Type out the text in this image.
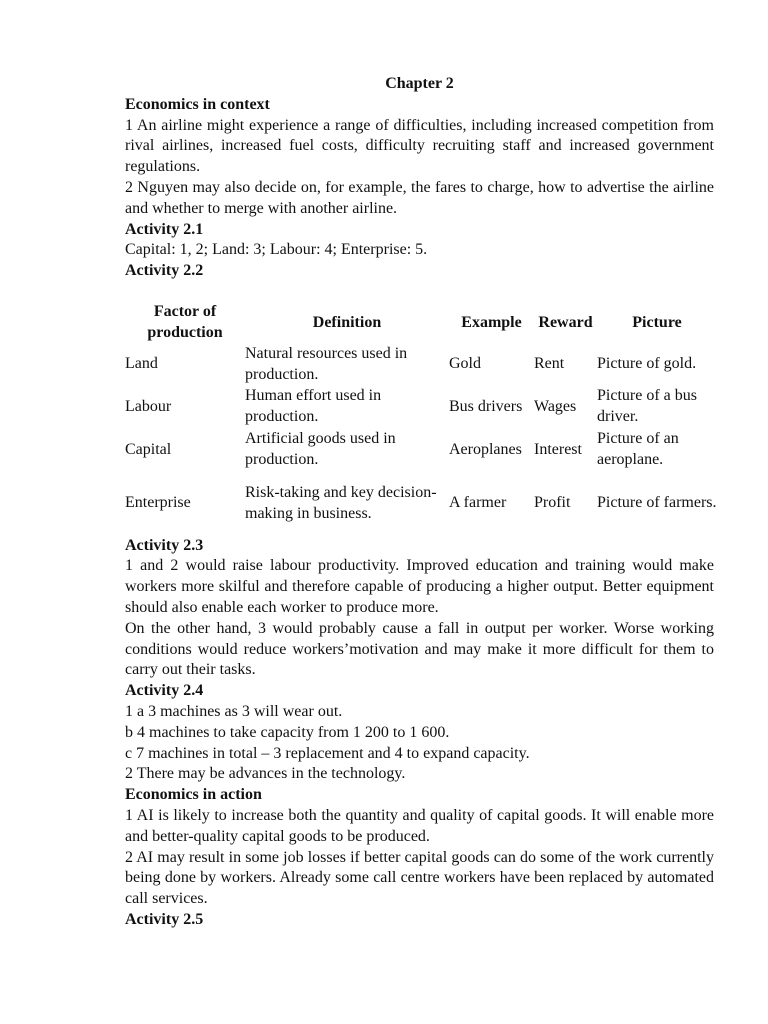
Chapter 2

Economics in context

1 An airline might experience a range of difficulties, including increased competition from rival airlines, increased fuel costs, difficulty recruiting staff and increased government regulations.

2 Nguyen may also decide on, for example, the fares to charge, how to advertise the airline and whether to merge with another airline.

Activity 2.1

Capital: 1, 2; Land: 3; Labour: 4; Enterprise: 5.

Activity 2.2

Factor of production	Definition	Example	Reward	Picture
Land	Natural resources used in production.	Gold	Rent	Picture of gold.
Labour	Human effort used in production.	Bus drivers	Wages	Picture of a bus driver.
Capital	Artificial goods used in production.	Aeroplanes	Interest	Picture of an aeroplane.
Enterprise	Risk-taking and key decision-making in business.	A farmer	Profit	Picture of farmers.

Activity 2.3

1 and 2 would raise labour productivity. Improved education and training would make workers more skilful and therefore capable of producing a higher output. Better equipment should also enable each worker to produce more.

On the other hand, 3 would probably cause a fall in output per worker. Worse working conditions would reduce workers’motivation and may make it more difficult for them to carry out their tasks.

Activity 2.4

1 a 3 machines as 3 will wear out.

b 4 machines to take capacity from 1 200 to 1 600.

c 7 machines in total – 3 replacement and 4 to expand capacity.

2 There may be advances in the technology.

Economics in action

1 AI is likely to increase both the quantity and quality of capital goods. It will enable more and better-quality capital goods to be produced.

2 AI may result in some job losses if better capital goods can do some of the work currently being done by workers. Already some call centre workers have been replaced by automated call services.

Activity 2.5
